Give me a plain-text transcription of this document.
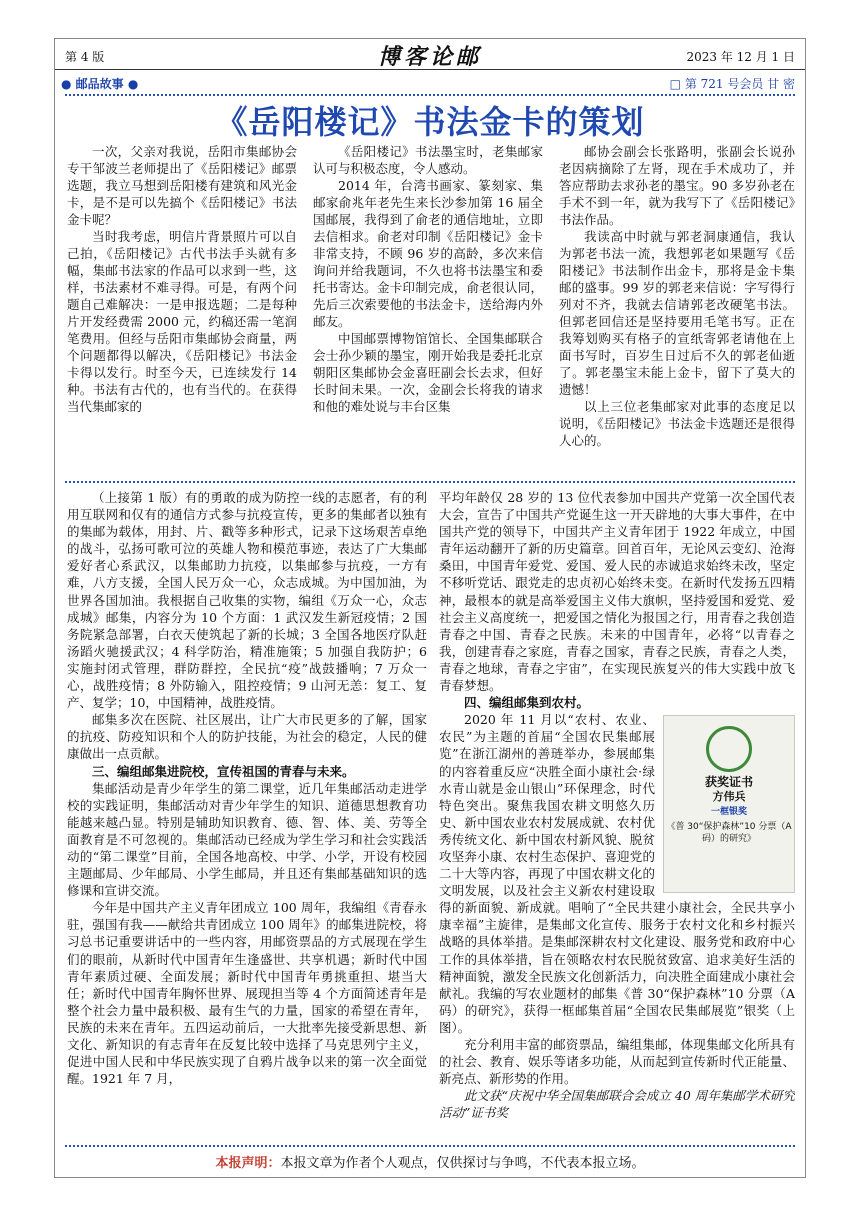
第 4 版	博客论邮	2023 年 12 月 1 日
● 邮品故事 ●	□ 第 721 号会员 甘 密
《岳阳楼记》书法金卡的策划

一次，父亲对我说，岳阳市集邮协会专干邹波兰老师提出了《岳阳楼记》邮票选题，我立马想到岳阳楼有建筑和风光金卡，是不是可以先搞个《岳阳楼记》书法金卡呢？

当时我考虑，明信片背景照片可以自己拍，《岳阳楼记》古代书法手头就有多幅，集邮书法家的作品可以求到一些，这样，书法素材不难寻得。可是，有两个问题自己难解决：一是申报选题；二是每种片开发经费需 2000 元，约稿还需一笔润笔费用。但经与岳阳市集邮协会商量，两个问题都得以解决，《岳阳楼记》书法金卡得以发行。时至今天，已连续发行 14 种。书法有古代的，也有当代的。在获得当代集邮家的

《岳阳楼记》书法墨宝时，老集邮家认可与积极态度，令人感动。

2014 年，台湾书画家、篆刻家、集邮家俞兆年老先生来长沙参加第 16 届全国邮展，我得到了俞老的通信地址，立即去信相求。俞老对印制《岳阳楼记》金卡非常支持，不顾 96 岁的高龄，多次来信询问并给我题词，不久也将书法墨宝和委托书寄达。金卡印制完成，俞老很认同，先后三次索要他的书法金卡，送给海内外邮友。

中国邮票博物馆馆长、全国集邮联合会士孙少颖的墨宝，刚开始我是委托北京朝阳区集邮协会金喜旺副会长去求，但好长时间未果。一次，金副会长将我的请求和他的难处说与丰台区集

邮协会副会长张路明，张副会长说孙老因病摘除了左肾，现在手术成功了，并答应帮助去求孙老的墨宝。90 多岁孙老在手术不到一年，就为我写下了《岳阳楼记》书法作品。

我读高中时就与郭老洞康通信，我认为郭老书法一流，我想郭老如果题写《岳阳楼记》书法制作出金卡，那将是金卡集邮的盛事。99 岁的郭老来信说：字写得行列对不齐，我就去信请郭老改硬笔书法。但郭老回信还是坚持要用毛笔书写。正在我筹划购买有格子的宣纸寄郭老请他在上面书写时，百岁生日过后不久的郭老仙逝了。郭老墨宝未能上金卡，留下了莫大的遗憾！

以上三位老集邮家对此事的态度足以说明，《岳阳楼记》书法金卡选题还是很得人心的。

（上接第 1 版）有的勇敢的成为防控一线的志愿者，有的利用互联网和仅有的通信方式参与抗疫宣传，更多的集邮者以独有的集邮为载体，用封、片、戳等多种形式，记录下这场艰苦卓绝的战斗，弘扬可歌可泣的英雄人物和模范事迹，表达了广大集邮爱好者心系武汉，以集邮助力抗疫，以集邮参与抗疫，一方有难，八方支援，全国人民万众一心，众志成城。为中国加油，为世界各国加油。我根据自己收集的实物，编组《万众一心，众志成城》邮集，内容分为 10 个方面：1 武汉发生新冠疫情；2 国务院紧急部署，白衣天使筑起了新的长城；3 全国各地医疗队赶汤蹈火驰援武汉；4 科学防治，精准施策；5 加强自我防护；6 实施封闭式管理，群防群控，全民抗“疫”战鼓播响；7 万众一心，战胜疫情；8 外防输入，阻控疫情；9 山河无恙：复工、复产、复学；10，中国精神，战胜疫情。

邮集多次在医院、社区展出，让广大市民更多的了解，国家的抗疫、防疫知识和个人的防护技能，为社会的稳定，人民的健康做出一点贡献。

三、编组邮集进院校，宣传祖国的青春与未来。

集邮活动是青少年学生的第二课堂，近几年集邮活动走进学校的实践证明，集邮活动对青少年学生的知识、道德思想教育功能越来越凸显。特别是辅助知识教育、德、智、体、美、劳等全面教育是不可忽视的。集邮活动已经成为学生学习和社会实践活动的“第二课堂”目前，全国各地高校、中学、小学，开设有校园主题邮局、少年邮局、小学生邮局，并且还有集邮基础知识的选修课和宣讲交流。

今年是中国共产主义青年团成立 100 周年，我编组《青春永驻，强国有我——献给共青团成立 100 周年》的邮集进院校，将习总书记重要讲话中的一些内容，用邮资票品的方式展现在学生们的眼前，从新时代中国青年生逢盛世、共享机遇；新时代中国青年素质过硬、全面发展；新时代中国青年勇挑重担、堪当大任；新时代中国青年胸怀世界、展现担当等 4 个方面简述青年是整个社会力量中最积极、最有生气的力量，国家的希望在青年，民族的未来在青年。五四运动前后，一大批率先接受新思想、新文化、新知识的有志青年在反复比较中选择了马克思列宁主义，促进中国人民和中华民族实现了自鸦片战争以来的第一次全面觉醒。1921 年 7 月，

平均年龄仅 28 岁的 13 位代表参加中国共产党第一次全国代表大会，宣告了中国共产党诞生这一开天辟地的大事大事件，在中国共产党的领导下，中国共产主义青年团于 1922 年成立，中国青年运动翻开了新的历史篇章。回首百年，无论风云变幻、沧海桑田，中国青年爱党、爱国、爱人民的赤诚追求始终未改，坚定不移听党话、跟党走的忠贞初心始终未变。在新时代发扬五四精神，最根本的就是高举爱国主义伟大旗帜，坚持爱国和爱党、爱社会主义高度统一，把爱国之情化为报国之行，用青春之我创造青春之中国、青春之民族。未来的中国青年，必将“以青春之我，创建青春之家庭，青春之国家，青春之民族，青春之人类，青春之地球，青春之宇宙”，在实现民族复兴的伟大实践中放飞青春梦想。

四、编组邮集到农村。

获奖证书
方伟兵
一框银奖
《普 30“保护森林”10 分票（A码）的研究》

2020 年 11 月以“农村、农业、农民”为主题的首届“全国农民集邮展览”在浙江湖州的善琏举办，参展邮集的内容着重反应“决胜全面小康社会·绿水青山就是金山银山”环保理念，时代特色突出。聚焦我国农耕文明悠久历史、新中国农业农村发展成就、农村优秀传统文化、新中国农村新风貌、脱贫攻坚奔小康、农村生态保护、喜迎党的二十大等内容，再现了中国农耕文化的文明发展，以及社会主义新农村建设取得的新面貌、新成就。唱响了“全民共建小康社会，全民共享小康幸福”主旋律，是集邮文化宣传、服务于农村文化和乡村振兴战略的具体举措。是集邮深耕农村文化建设、服务党和政府中心工作的具体举措，旨在领略农村农民脱贫致富、追求美好生活的精神面貌，激发全民族文化创新活力，向决胜全面建成小康社会献礼。我编的写农业题材的邮集《普 30“保护森林”10 分票（A 码）的研究》，获得一框邮集首届“全国农民集邮展览”银奖（上图）。

充分利用丰富的邮资票品，编组集邮，体现集邮文化所具有的社会、教育、娱乐等诸多功能，从而起到宣传新时代正能量、新亮点、新形势的作用。

此文获“庆祝中华全国集邮联合会成立 40 周年集邮学术研究活动”证书奖

本报声明：本报文章为作者个人观点，仅供探讨与争鸣，不代表本报立场。
